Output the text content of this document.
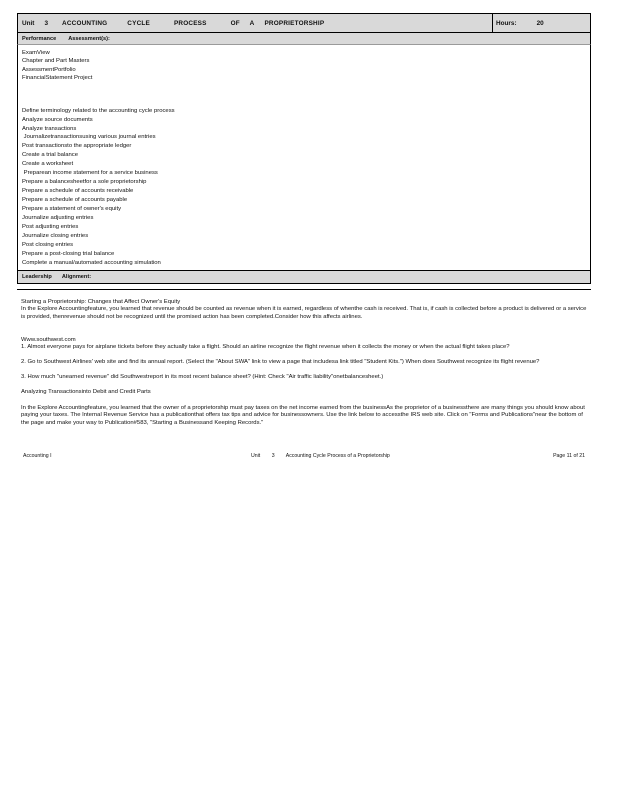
Unit 3 ACCOUNTING	CYCLE	PROCESS	OF A PROPRIETORSHIP	Hours:	20
Performance Assessment(s):
ExamView
Chapter and Part Masters
AssessmentPortfolio
FinancialStatement Project
Define terminology related to the accounting cycle process
Analyze source documents
Analyze transactions
Journalizetransactionsusing various journal entries
Post transactionsto the appropriate ledger
Create a trial balance
Create a worksheet
Preparean income statement for a service business
Prepare a balancesheetfor a sole proprietorship
Prepare a schedule of accounts receivable
Prepare a schedule of accounts payable
Prepare a statement of owner's equity
Journalize adjusting entries
Post adjusting entries
Journalize closing entries
Post closing entries
Prepare a post-closing trial balance
Complete a manual/automated accounting simulation
Leadership Alignment:

Starting a Proprietorship: Changes that Affect Owner's Equity

In the Explore Accountingfeature, you learned that revenue should be counted as revenue when it is earned, regardless of whenthe cash is received. That is, if cash is collected before a product is delivered or a service is provided, thenrevenue should not be recognized until the promised action has been completed.Consider how this affects airlines.

Www.southwest.com

1. Almost everyone pays for airplane tickets before they actually take a flight. Should an airline recognize the flight revenue when it collects the money or when the actual flight takes place?

2. Go to Southwest Airlines' web site and find its annual report. (Select the "About SWA" link to view a page that includesa link titled "Student Kits.") When does Southwest recognize its flight revenue?

3. How much "unearned revenue" did Southwestreport in its most recent balance sheet? (Hint: Check "Air traffic liability"onetbalancesheet.)

Analyzing Transactionsinto Debit and Credit Parts

In the Explore Accountingfeature, you learned that the owner of a proprietorship must pay taxes on the net income earned from the businessAs the proprietor of a businessthere are many things you should know about paying your taxes. The Internal Revenue Service has a publicationthat offers tax tips and advice for businessowners. Use the link below to accessthe IRS web site. Click on "Forms and Publications"near the bottom of the page and make your way to Publication#583, "Starting a Businessand Keeping Records."

Accounting I	Unit 3 Accounting Cycle Process of a Proprietorship	Page 11 of 21
